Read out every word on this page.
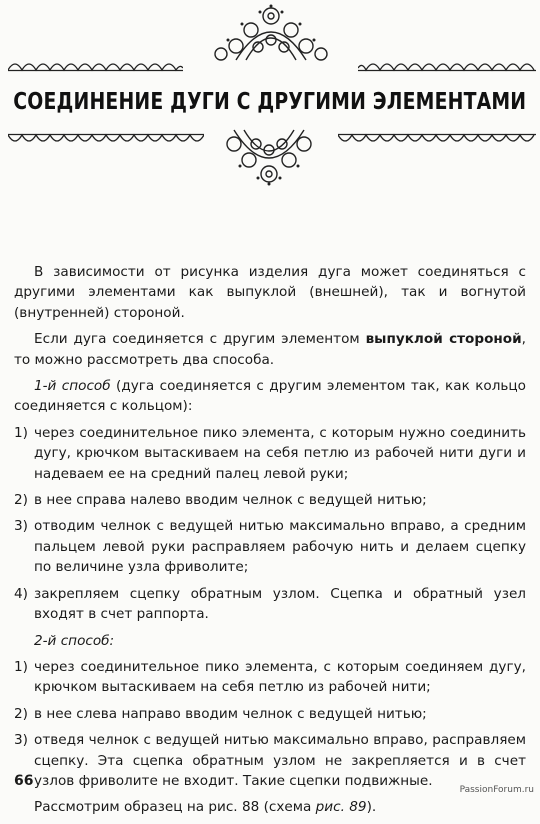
СОЕДИНЕНИЕ ДУГИ С ДРУГИМИ ЭЛЕМЕНТАМИ

В зависимости от рисунка изделия дуга может соединяться с другими элементами как выпуклой (внешней), так и вогнутой (внутренней) стороной.

Если дуга соединяется с другим элементом выпуклой стороной, то можно рассмотреть два способа.

1-й способ (дуга соединяется с другим элементом так, как кольцо соединяется с кольцом):

1) через соединительное пико элемента, с которым нужно соединить дугу, крючком вытаскиваем на себя петлю из рабочей нити дуги и надеваем ее на средний палец левой руки;
2) в нее справа налево вводим челнок с ведущей нитью;
3) отводим челнок с ведущей нитью максимально вправо, а средним пальцем левой руки расправляем рабочую нить и делаем сцепку по величине узла фриволите;
4) закрепляем сцепку обратным узлом. Сцепка и обратный узел входят в счет раппорта.

2-й способ:

1) через соединительное пико элемента, с которым соединяем дугу, крючком вытаскиваем на себя петлю из рабочей нити;
2) в нее слева направо вводим челнок с ведущей нитью;
3) отведя челнок с ведущей нитью максимально вправо, расправляем сцепку. Эта сцепка обратным узлом не закрепляется и в счет узлов фриволите не входит. Такие сцепки подвижные.

Рассмотрим образец на рис. 88 (схема рис. 89).

66
PassionForum.ru
